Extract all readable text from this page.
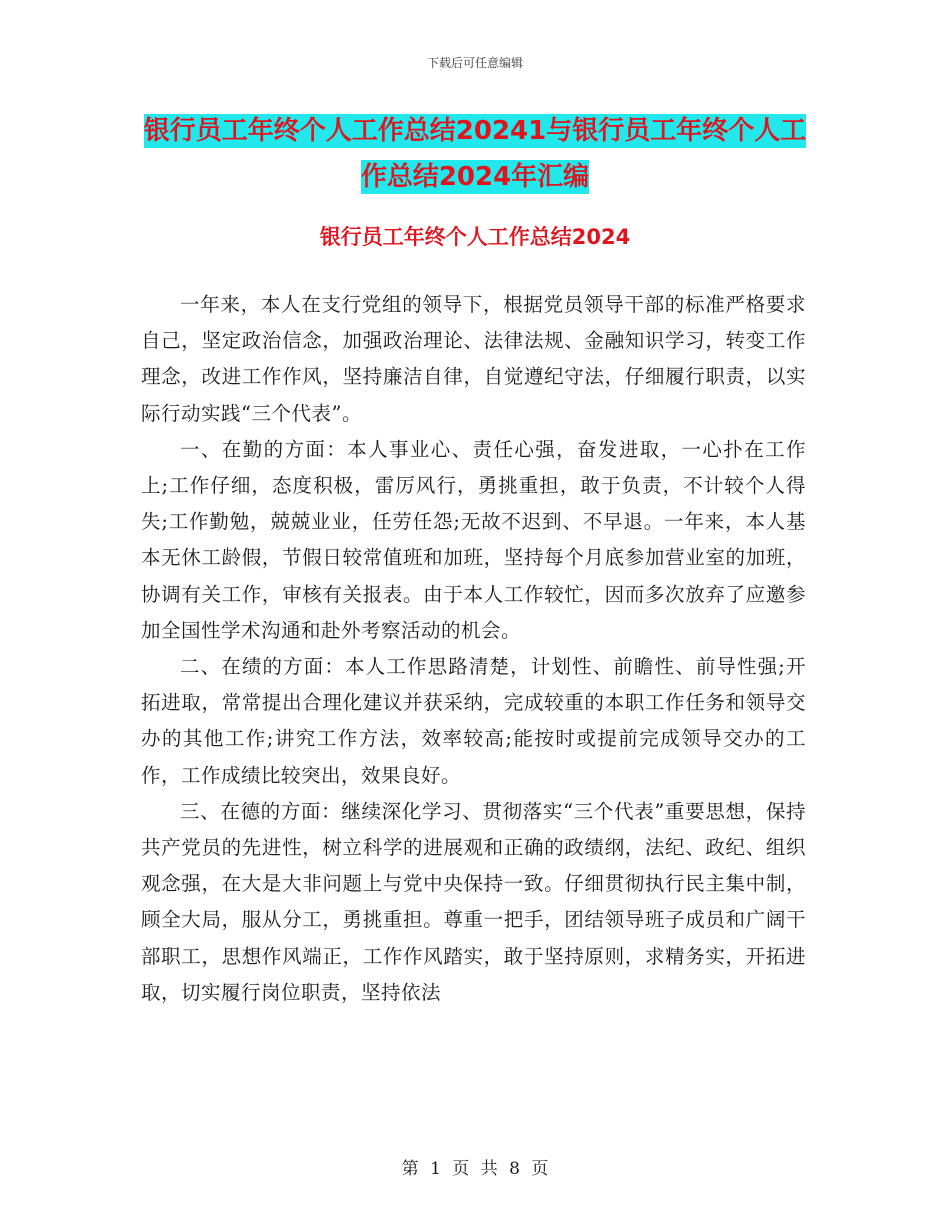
下载后可任意编辑
银行员工年终个人工作总结20241与银行员工年终个人工作总结2024年汇编
银行员工年终个人工作总结2024

一年来，本人在支行党组的领导下，根据党员领导干部的标准严格要求自己，坚定政治信念，加强政治理论、法律法规、金融知识学习，转变工作理念，改进工作作风，坚持廉洁自律，自觉遵纪守法，仔细履行职责，以实际行动实践“三个代表”。

一、在勤的方面：本人事业心、责任心强，奋发进取，一心扑在工作上;工作仔细，态度积极，雷厉风行，勇挑重担，敢于负责，不计较个人得失;工作勤勉，兢兢业业，任劳任怨;无故不迟到、不早退。一年来，本人基本无休工龄假，节假日较常值班和加班，坚持每个月底参加营业室的加班，协调有关工作，审核有关报表。由于本人工作较忙，因而多次放弃了应邀参加全国性学术沟通和赴外考察活动的机会。

二、在绩的方面：本人工作思路清楚，计划性、前瞻性、前导性强;开拓进取，常常提出合理化建议并获采纳，完成较重的本职工作任务和领导交办的其他工作;讲究工作方法，效率较高;能按时或提前完成领导交办的工作，工作成绩比较突出，效果良好。

三、在德的方面：继续深化学习、贯彻落实“三个代表”重要思想，保持共产党员的先进性，树立科学的进展观和正确的政绩纲，法纪、政纪、组织观念强，在大是大非问题上与党中央保持一致。仔细贯彻执行民主集中制，顾全大局，服从分工，勇挑重担。尊重一把手，团结领导班子成员和广阔干部职工，思想作风端正，工作作风踏实，敢于坚持原则，求精务实，开拓进取，切实履行岗位职责，坚持依法

第 1 页 共 8 页
